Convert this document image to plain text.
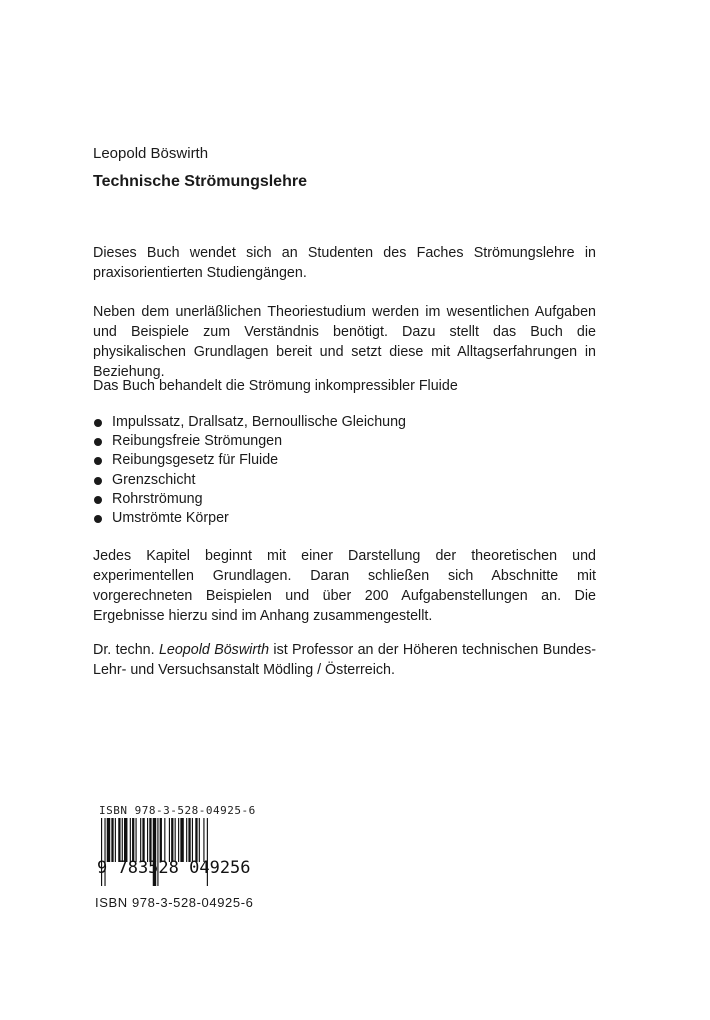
Leopold Böswirth
Technische Strömungslehre

Dieses Buch wendet sich an Studenten des Faches Strömungslehre in praxisorientierten Studiengängen.

Neben dem unerläßlichen Theoriestudium werden im wesentlichen Aufgaben und Beispiele zum Verständnis benötigt. Dazu stellt das Buch die physikalischen Grundlagen bereit und setzt diese mit Alltagserfahrungen in Beziehung.

Das Buch behandelt die Strömung inkompressibler Fluide

Impulssatz, Drallsatz, Bernoullische Gleichung
Reibungsfreie Strömungen
Reibungsgesetz für Fluide
Grenzschicht
Rohrströmung
Umströmte Körper

Jedes Kapitel beginnt mit einer Darstellung der theoretischen und experimentellen Grundlagen. Daran schließen sich Abschnitte mit vorgerechneten Beispielen und über 200 Aufgabenstellungen an. Die Ergebnisse hierzu sind im Anhang zusammengestellt.

Dr. techn. Leopold Böswirth ist Professor an der Höheren technischen Bundes-Lehr- und Versuchsanstalt Mödling / Österreich.

ISBN 978-3-528-04925-6
9 783528 049256
ISBN 978-3-528-04925-6
